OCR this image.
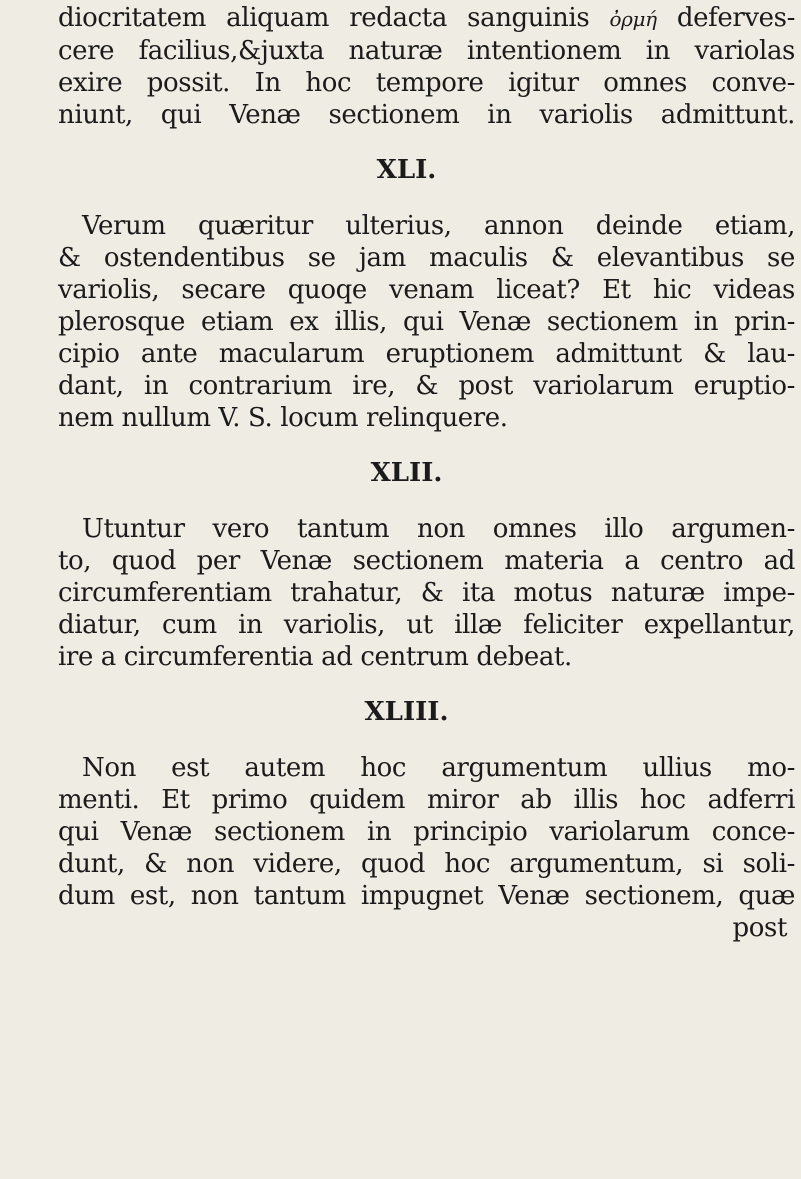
diocritatem aliquam redacta sanguinis ὀρμή deferves-
cere facilius,&juxta naturæ intentionem in variolas
exire possit. In hoc tempore igitur omnes conve-
niunt, qui Venæ sectionem in variolis admittunt.
XLI.
Verum quæritur ulterius, annon deinde etiam,
& ostendentibus se jam maculis & elevantibus se
variolis, secare quoqe venam liceat? Et hic videas
plerosque etiam ex illis, qui Venæ sectionem in prin-
cipio ante macularum eruptionem admittunt & lau-
dant, in contrarium ire, & post variolarum eruptio-
nem nullum V. S. locum relinquere.
XLII.
Utuntur vero tantum non omnes illo argumen-
to, quod per Venæ sectionem materia a centro ad
circumferentiam trahatur, & ita motus naturæ impe-
diatur, cum in variolis, ut illæ feliciter expellantur,
ire a circumferentia ad centrum debeat.
XLIII.
Non est autem hoc argumentum ullius mo-
menti. Et primo quidem miror ab illis hoc adferri
qui Venæ sectionem in principio variolarum conce-
dunt, & non videre, quod hoc argumentum, si soli-
dum est, non tantum impugnet Venæ sectionem, quæ
post
